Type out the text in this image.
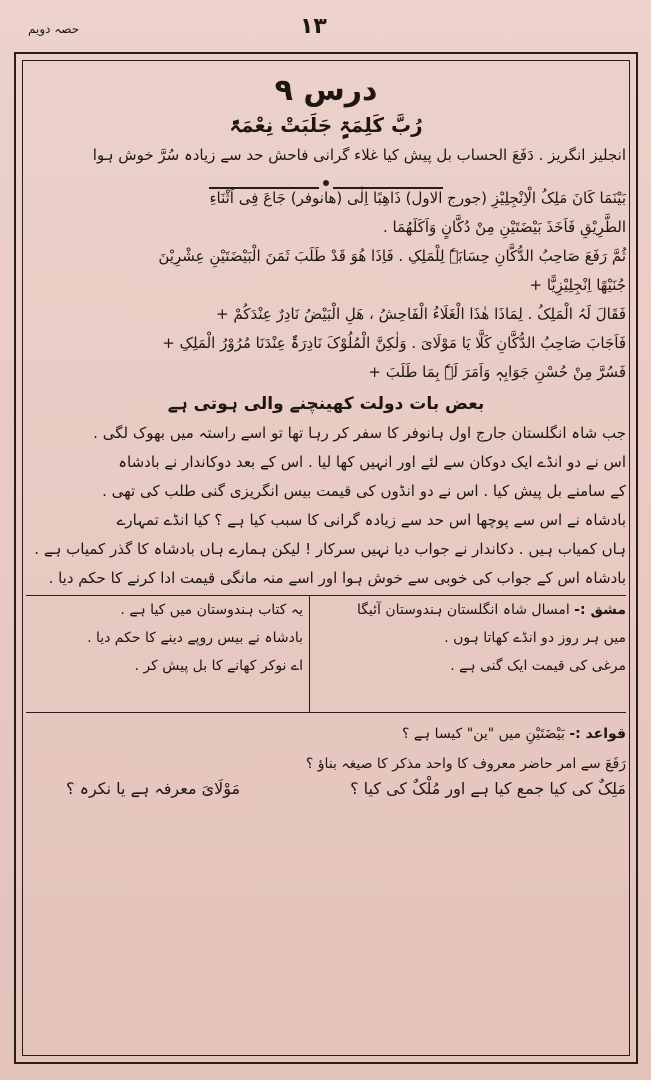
حصہ دویم	۱۳
درس ۹
رُبَّ کَلِمَۃٍ جَلَبَتْ نِعْمَۃً
انجلیز انگریز . دَفَعَ الحساب بل پیش کیا غلاء گرانی فاحش حد سے زیادہ سُرَّ خوش ہوا

بَیْنَمَا کَانَ مَلِکُ الْاِنْجِلِیْزِ (جورج الاول) ذَاھِبًا اِلٰی (ھانوفر) جَاعَ فِی اَثْنَاءِ

الطَّرِیْقِ فَاَخَذَ بَیْضَتَیْنِ مِنْ دُکَّانٍ وَاَکَلَھُمَا .

ثُمَّ رَفَعَ صَاحِبُ الدُّکَّانِ حِسَابَہٗ لِلْمَلِکِ . فَاِذَا ھُوَ قَدْ طَلَبَ ثَمَنَ الْبَیْضَتَیْنِ عِشْرِیْنَ

جُنَیْھًا اِنْجِلِیْزِیًّا +

فَقَالَ لَہُ الْمَلِکُ . لِمَاذَا ھٰذَا الْغَلَاءُ الْفَاحِشُ ، ھَلِ الْبَیْضُ نَادِرٌ عِنْدَکُمْ +

فَاَجَابَ صَاحِبُ الدُّکَّانِ کَلَّا یَا مَوْلَایَ . وَلٰکِنَّ الْمُلُوْکَ نَادِرَۃٌ عِنْدَنَا مُرُوْرُ الْمَلِکِ +

فَسُرَّ مِنْ حُسْنِ جَوَابِہٖ وَاَمَرَ لَہٗ بِمَا طَلَبَ +

بعض بات دولت کھینچنے والی ہوتی ہے

جب شاہ انگلستان جارج اول ہانوفر کا سفر کر رہا تھا تو اسے راستہ میں بھوک لگی .

اس نے دو انڈے ایک دوکان سے لئے اور انہیں کھا لیا . اس کے بعد دوکاندار نے بادشاہ

کے سامنے بل پیش کیا . اس نے دو انڈوں کی قیمت بیس انگریزی گنی طلب کی تھی .

بادشاہ نے اس سے پوچھا اس حد سے زیادہ گرانی کا سبب کیا ہے ؟ کیا انڈے تمہارے

ہاں کمیاب ہیں . دکاندار نے جواب دیا نہیں سرکار ! لیکن ہمارے ہاں بادشاہ کا گذر کمیاب ہے .

بادشاہ اس کے جواب کی خوبی سے خوش ہوا اور اسے منہ مانگی قیمت ادا کرنے کا حکم دیا .

مشق :- امسال شاہ انگلستان ہندوستان آئیگا

میں ہر روز دو انڈے کھاتا ہوں .

مرغی کی قیمت ایک گنی ہے .

یہ کتاب ہندوستان میں کیا ہے .

بادشاہ نے بیس روپے دینے کا حکم دیا .

اے نوکر کھانے کا بل پیش کر .

قواعد :- بَیْضَتَیْنِ میں "ین" کیسا ہے ؟

رَفَعَ سے امر حاضر معروف کا واحد مذکر کا صیغہ بناؤ ؟

مَلِکٌ کی کیا جمع کیا ہے اور مُلْکٌ کی کیا ؟
مَوْلَایَ معرفہ ہے یا نکرہ ؟
